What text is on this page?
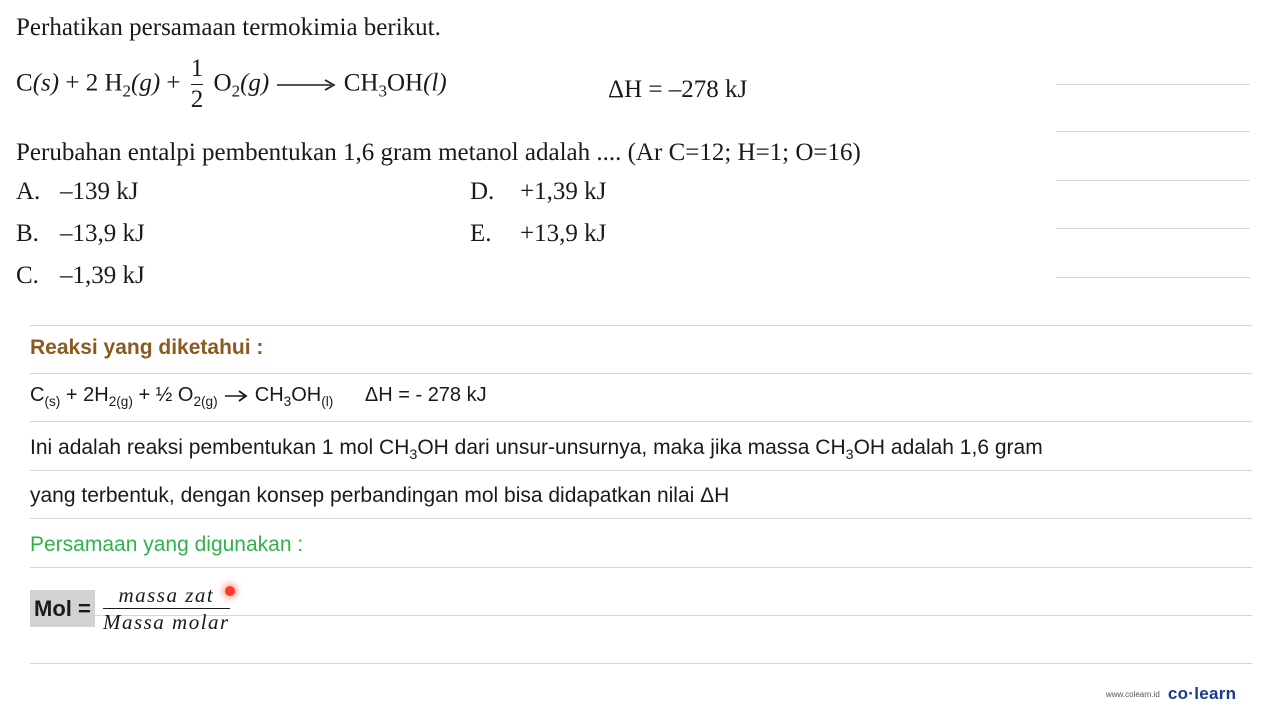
Perhatikan persamaan termokimia berikut.
C(s) + 2 $H_2(g) + \frac{1}{2} O_2(g) \to CH_3OH(l)$	ΔH = –278 kJ
Perubahan entalpi pembentukan 1,6 gram metanol adalah .... (Ar C=12; H=1; O=16)
A. –139 kJ
B. –13,9 kJ
C. –1,39 kJ
D. +1,39 kJ
E. +13,9 kJ
Reaksi yang diketahui :
$C_{(s)} + 2H_{2(g)}$ + ½ $O_{2(g)} \to CH_3OH_{(l)}$ ΔH = - 278 kJ
Ini adalah reaksi pembentukan 1 mol $CH_3OH$ dari unsur-unsurnya, maka jika massa $CH_3OH$ adalah 1,6 gram
yang terbentuk, dengan konsep perbandingan mol bisa didapatkan nilai ΔH
Persamaan yang digunakan :
Mol = $\frac{\text{massa zat}}{\text{Massa molar}}$
www.colearn.id co·learn
